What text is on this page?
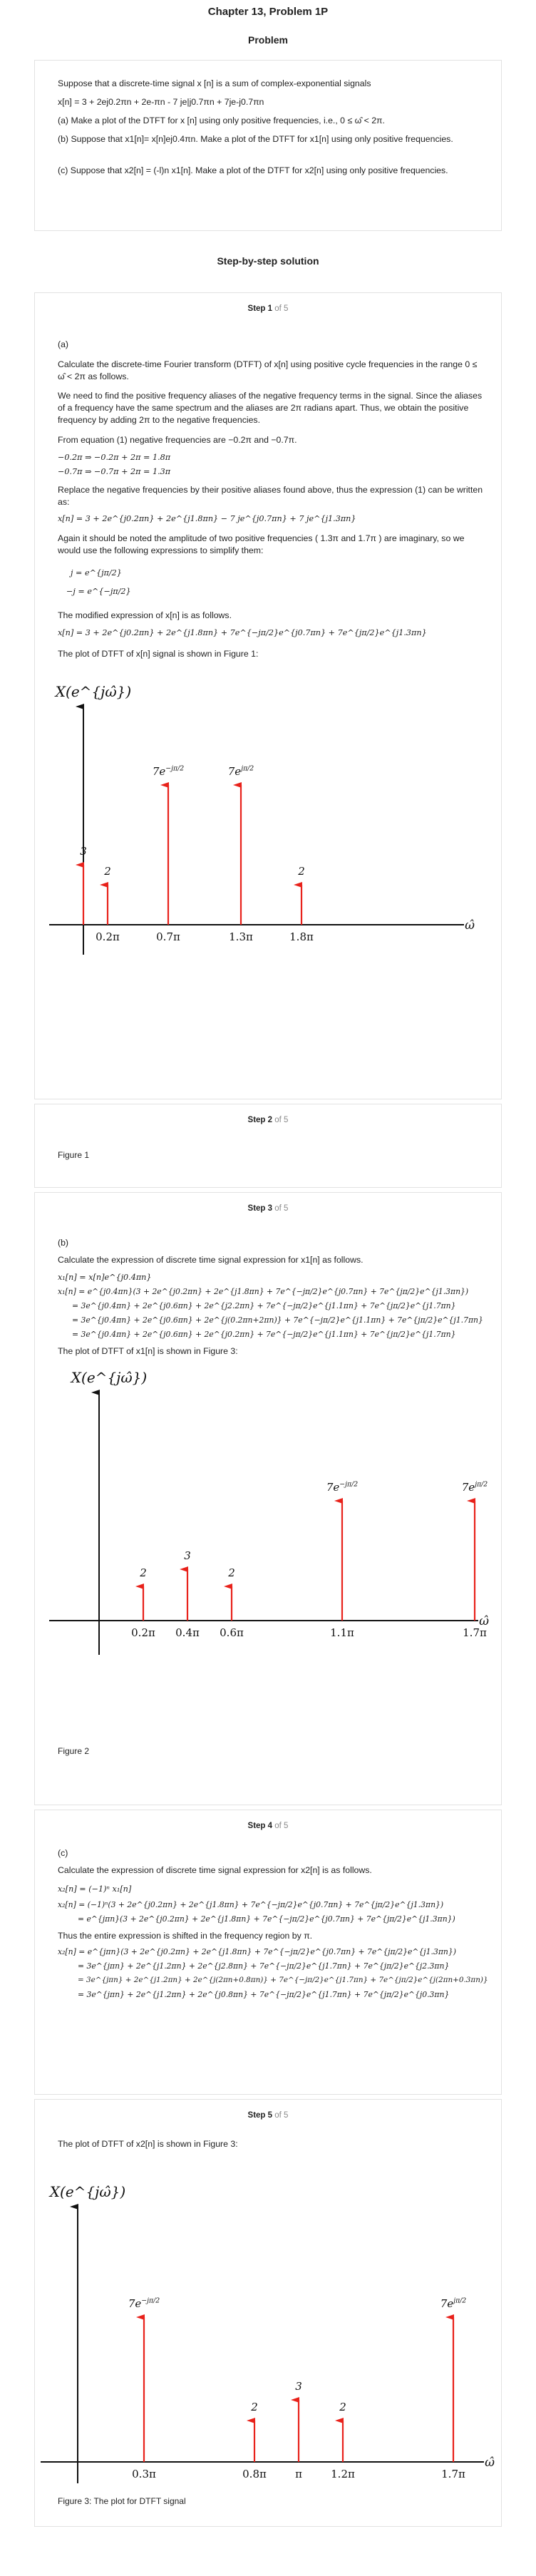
Chapter 13, Problem 1P
Problem
Suppose that a discrete-time signal x [n] is a sum of complex-exponential signals
x[n] = 3 + 2ej0.2πn + 2e-πn - 7 je|j0.7πn + 7je-j0.7πn
(a) Make a plot of the DTFT for x [n] using only positive frequencies, i.e., 0 ≤ ω̂ < 2π.
(b) Suppose that x1[n]= x[n]ej0.4πn. Make a plot of the DTFT for x1[n] using only positive frequencies.
(c) Suppose that x2[n] = (-l)n x1[n]. Make a plot of the DTFT for x2[n] using only positive frequencies.
Step-by-step solution
Step 1 of 5
(a)
Calculate the discrete-time Fourier transform (DTFT) of x[n] using positive cycle frequencies in the range 0 ≤ ω̂ < 2π as follows.
We need to find the positive frequency aliases of the negative frequency terms in the signal. Since the aliases of a frequency have the same spectrum and the aliases are 2π radians apart. Thus, we obtain the positive frequency by adding 2π to the negative frequencies.
From equation (1) negative frequencies are −0.2π and −0.7π.
−0.2π ⇒ −0.2π + 2π = 1.8π
−0.7π ⇒ −0.7π + 2π = 1.3π
Replace the negative frequencies by their positive aliases found above, thus the expression (1) can be written as:
x[n] = 3 + 2e^{j0.2πn} + 2e^{j1.8πn} − 7 je^{j0.7πn} + 7 je^{j1.3πn}
Again it should be noted the amplitude of two positive frequencies ( 1.3π and 1.7π ) are imaginary, so we would use the following expressions to simplify them:
j = e^{jπ/2}
−j = e^{−jπ/2}
The modified expression of x[n] is as follows.
x[n] = 3 + 2e^{j0.2πn} + 2e^{j1.8πn} + 7e^{−jπ/2}e^{j0.7πn} + 7e^{jπ/2}e^{j1.3πn}
The plot of DTFT of x[n] signal is shown in Figure 1:
X(e^{jω̂})
ω̂
3
2
0.2π
$7e^{-j\pi/2}$
0.7π
$7e^{j\pi/2}$
1.3π
2
1.8π
Step 2 of 5
Figure 1
Step 3 of 5
(b)
Calculate the expression of discrete time signal expression for x1[n] as follows.
x₁[n] = x[n]e^{j0.4πn}
x₁[n] = e^{j0.4πn}(3 + 2e^{j0.2πn} + 2e^{j1.8πn} + 7e^{−jπ/2}e^{j0.7πn} + 7e^{jπ/2}e^{j1.3πn})
= 3e^{j0.4πn} + 2e^{j0.6πn} + 2e^{j2.2πn} + 7e^{−jπ/2}e^{j1.1πn} + 7e^{jπ/2}e^{j1.7πn}
= 3e^{j0.4πn} + 2e^{j0.6πn} + 2e^{j(0.2πn+2πn)} + 7e^{−jπ/2}e^{j1.1πn} + 7e^{jπ/2}e^{j1.7πn}
= 3e^{j0.4πn} + 2e^{j0.6πn} + 2e^{j0.2πn} + 7e^{−jπ/2}e^{j1.1πn} + 7e^{jπ/2}e^{j1.7πn}
The plot of DTFT of x1[n] is shown in Figure 3:
X(e^{jω̂})
ω̂
2
0.2π
3
0.4π
2
0.6π
$7e^{-j\pi/2}$
1.1π
$7e^{j\pi/2}$
1.7π
Figure 2
Step 4 of 5
(c)
Calculate the expression of discrete time signal expression for x2[n] is as follows.
x₂[n] = (−1)ⁿ x₁[n]
x₂[n] = (−1)ⁿ(3 + 2e^{j0.2πn} + 2e^{j1.8πn} + 7e^{−jπ/2}e^{j0.7πn} + 7e^{jπ/2}e^{j1.3πn})
= e^{jπn}(3 + 2e^{j0.2πn} + 2e^{j1.8πn} + 7e^{−jπ/2}e^{j0.7πn} + 7e^{jπ/2}e^{j1.3πn})
Thus the entire expression is shifted in the frequency region by π.
x₂[n] = e^{jπn}(3 + 2e^{j0.2πn} + 2e^{j1.8πn} + 7e^{−jπ/2}e^{j0.7πn} + 7e^{jπ/2}e^{j1.3πn})
= 3e^{jπn} + 2e^{j1.2πn} + 2e^{j2.8πn} + 7e^{−jπ/2}e^{j1.7πn} + 7e^{jπ/2}e^{j2.3πn}
= 3e^{jπn} + 2e^{j1.2πn} + 2e^{j(2πn+0.8πn)} + 7e^{−jπ/2}e^{j1.7πn} + 7e^{jπ/2}e^{j(2πn+0.3πn)}
= 3e^{jπn} + 2e^{j1.2πn} + 2e^{j0.8πn} + 7e^{−jπ/2}e^{j1.7πn} + 7e^{jπ/2}e^{j0.3πn}
Step 5 of 5
The plot of DTFT of x2[n] is shown in Figure 3:
X(e^{jω̂})
ω̂
$7e^{-j\pi/2}$
0.3π
2
0.8π
3
π
2
1.2π
$7e^{j\pi/2}$
1.7π
Figure 3: The plot for DTFT signal
